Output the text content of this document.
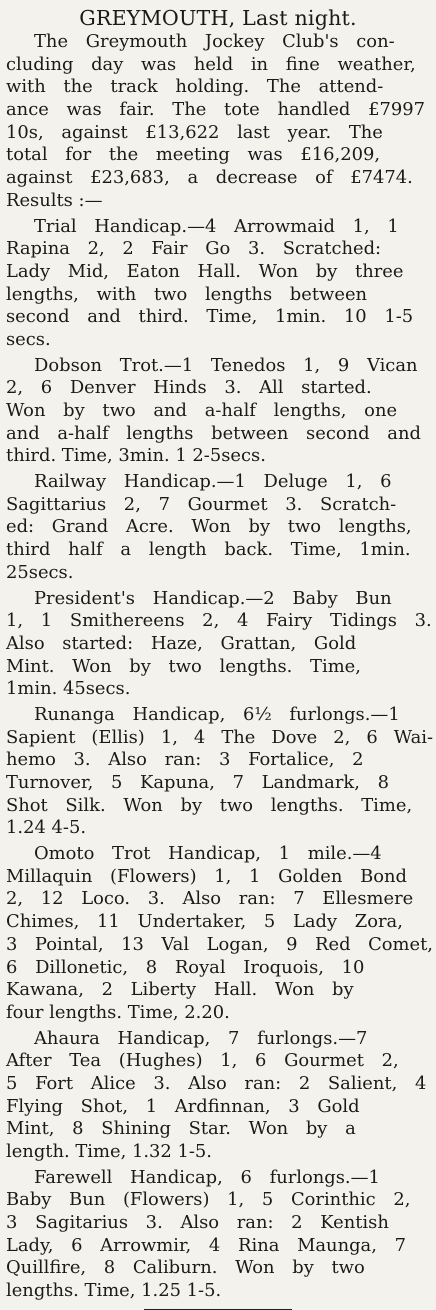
GREYMOUTH, Last night.
The Greymouth Jockey Club's con-
cluding day was held in fine weather,
with the track holding. The attend-
ance was fair. The tote handled £7997
10s, against £13,622 last year. The
total for the meeting was £16,209,
against £23,683, a decrease of £7474.
Results :—
Trial Handicap.—4 Arrowmaid 1, 1
Rapina 2, 2 Fair Go 3. Scratched:
Lady Mid, Eaton Hall. Won by three
lengths, with two lengths between
second and third. Time, 1min. 10 1-5
secs.
Dobson Trot.—1 Tenedos 1, 9 Vican
2, 6 Denver Hinds 3. All started.
Won by two and a-half lengths, one
and a-half lengths between second and
third. Time, 3min. 1 2-5secs.
Railway Handicap.—1 Deluge 1, 6
Sagittarius 2, 7 Gourmet 3. Scratch-
ed: Grand Acre. Won by two lengths,
third half a length back. Time, 1min.
25secs.
President's Handicap.—2 Baby Bun
1, 1 Smithereens 2, 4 Fairy Tidings 3.
Also started: Haze, Grattan, Gold
Mint. Won by two lengths. Time,
1min. 45secs.
Runanga Handicap, 6½ furlongs.—1
Sapient (Ellis) 1, 4 The Dove 2, 6 Wai-
hemo 3. Also ran: 3 Fortalice, 2
Turnover, 5 Kapuna, 7 Landmark, 8
Shot Silk. Won by two lengths. Time,
1.24 4-5.
Omoto Trot Handicap, 1 mile.—4
Millaquin (Flowers) 1, 1 Golden Bond
2, 12 Loco. 3. Also ran: 7 Ellesmere
Chimes, 11 Undertaker, 5 Lady Zora,
3 Pointal, 13 Val Logan, 9 Red Comet,
6 Dillonetic, 8 Royal Iroquois, 10
Kawana, 2 Liberty Hall. Won by
four lengths. Time, 2.20.
Ahaura Handicap, 7 furlongs.—7
After Tea (Hughes) 1, 6 Gourmet 2,
5 Fort Alice 3. Also ran: 2 Salient, 4
Flying Shot, 1 Ardfinnan, 3 Gold
Mint, 8 Shining Star. Won by a
length. Time, 1.32 1-5.
Farewell Handicap, 6 furlongs.—1
Baby Bun (Flowers) 1, 5 Corinthic 2,
3 Sagitarius 3. Also ran: 2 Kentish
Lady, 6 Arrowmir, 4 Rina Maunga, 7
Quillfire, 8 Caliburn. Won by two
lengths. Time, 1.25 1-5.
